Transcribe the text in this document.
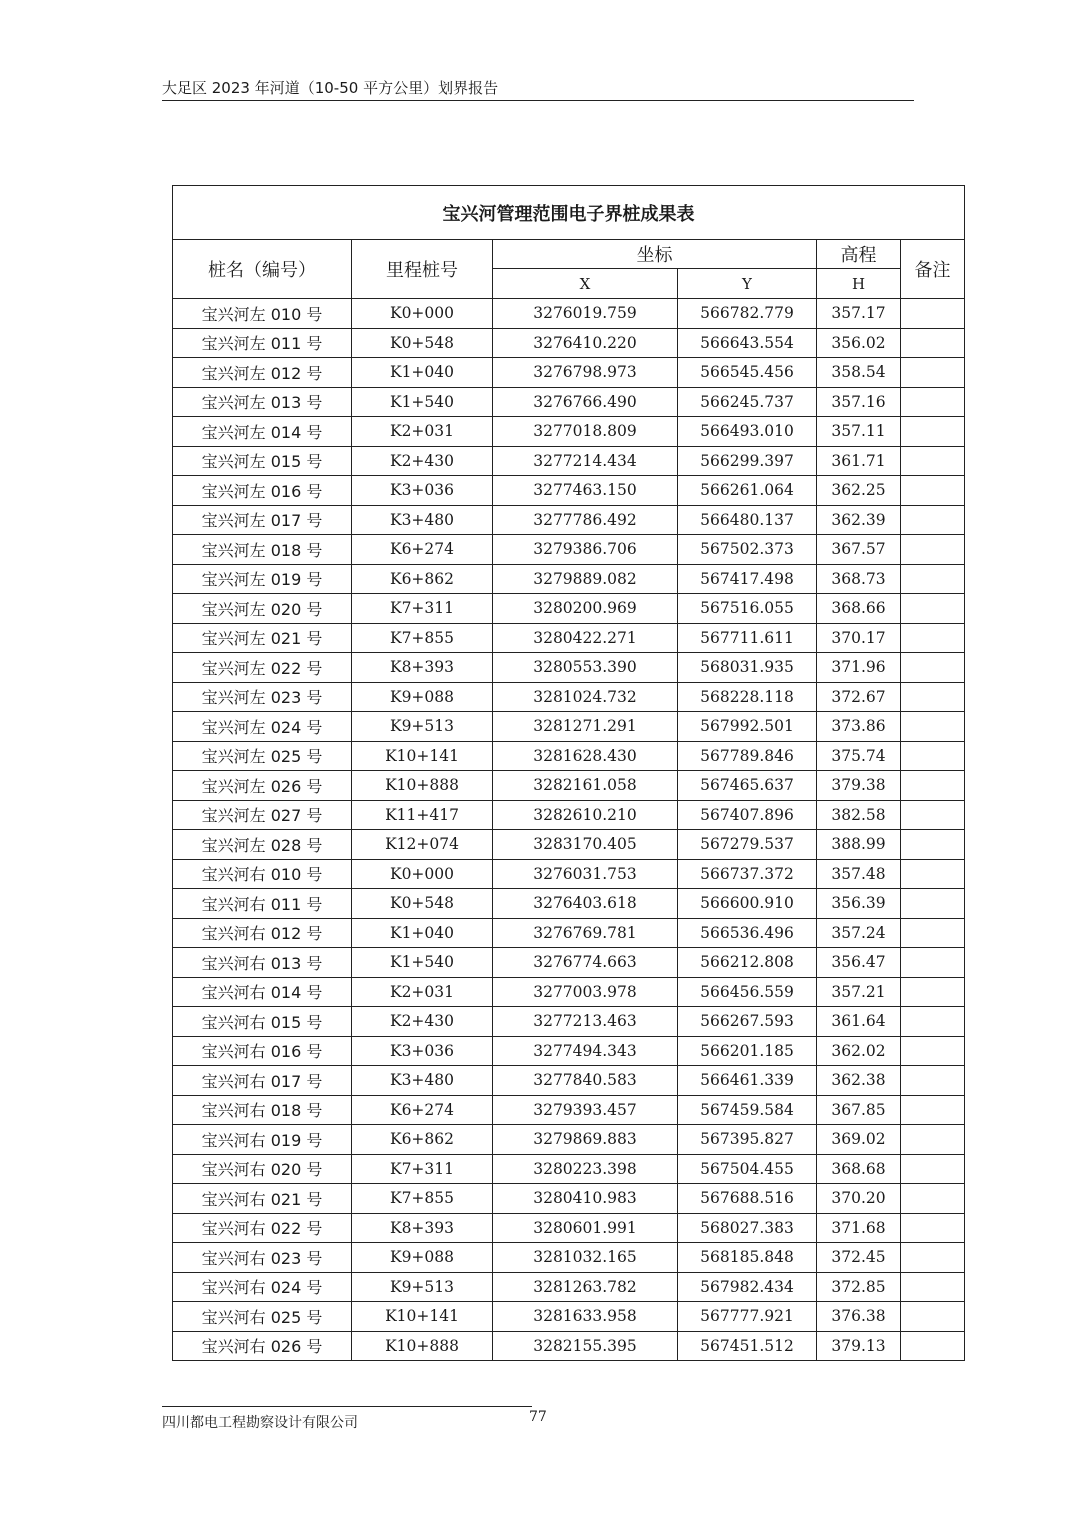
大足区 2023 年河道（10-50 平方公里）划界报告
宝兴河管理范围电子界桩成果表					
桩名（编号）	里程桩号	坐标		高程	备注
		X	Y	H	
宝兴河左 010 号	K0+000	3276019.759	566782.779	357.17	
宝兴河左 011 号	K0+548	3276410.220	566643.554	356.02	
宝兴河左 012 号	K1+040	3276798.973	566545.456	358.54	
宝兴河左 013 号	K1+540	3276766.490	566245.737	357.16	
宝兴河左 014 号	K2+031	3277018.809	566493.010	357.11	
宝兴河左 015 号	K2+430	3277214.434	566299.397	361.71	
宝兴河左 016 号	K3+036	3277463.150	566261.064	362.25	
宝兴河左 017 号	K3+480	3277786.492	566480.137	362.39	
宝兴河左 018 号	K6+274	3279386.706	567502.373	367.57	
宝兴河左 019 号	K6+862	3279889.082	567417.498	368.73	
宝兴河左 020 号	K7+311	3280200.969	567516.055	368.66	
宝兴河左 021 号	K7+855	3280422.271	567711.611	370.17	
宝兴河左 022 号	K8+393	3280553.390	568031.935	371.96	
宝兴河左 023 号	K9+088	3281024.732	568228.118	372.67	
宝兴河左 024 号	K9+513	3281271.291	567992.501	373.86	
宝兴河左 025 号	K10+141	3281628.430	567789.846	375.74	
宝兴河左 026 号	K10+888	3282161.058	567465.637	379.38	
宝兴河左 027 号	K11+417	3282610.210	567407.896	382.58	
宝兴河左 028 号	K12+074	3283170.405	567279.537	388.99	
宝兴河右 010 号	K0+000	3276031.753	566737.372	357.48	
宝兴河右 011 号	K0+548	3276403.618	566600.910	356.39	
宝兴河右 012 号	K1+040	3276769.781	566536.496	357.24	
宝兴河右 013 号	K1+540	3276774.663	566212.808	356.47	
宝兴河右 014 号	K2+031	3277003.978	566456.559	357.21	
宝兴河右 015 号	K2+430	3277213.463	566267.593	361.64	
宝兴河右 016 号	K3+036	3277494.343	566201.185	362.02	
宝兴河右 017 号	K3+480	3277840.583	566461.339	362.38	
宝兴河右 018 号	K6+274	3279393.457	567459.584	367.85	
宝兴河右 019 号	K6+862	3279869.883	567395.827	369.02	
宝兴河右 020 号	K7+311	3280223.398	567504.455	368.68	
宝兴河右 021 号	K7+855	3280410.983	567688.516	370.20	
宝兴河右 022 号	K8+393	3280601.991	568027.383	371.68	
宝兴河右 023 号	K9+088	3281032.165	568185.848	372.45	
宝兴河右 024 号	K9+513	3281263.782	567982.434	372.85	
宝兴河右 025 号	K10+141	3281633.958	567777.921	376.38	
宝兴河右 026 号	K10+888	3282155.395	567451.512	379.13	
四川都电工程勘察设计有限公司	77
